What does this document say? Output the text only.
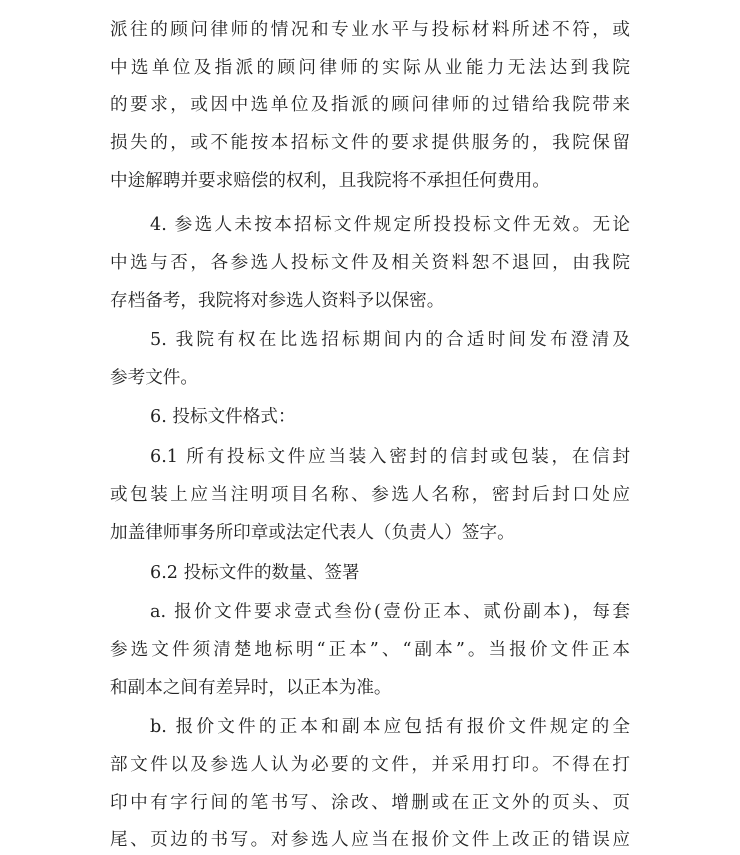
派往的顾问律师的情况和专业水平与投标材料所述不符，或
中选单位及指派的顾问律师的实际从业能力无法达到我院
的要求，或因中选单位及指派的顾问律师的过错给我院带来
损失的，或不能按本招标文件的要求提供服务的，我院保留
中途解聘并要求赔偿的权利，且我院将不承担任何费用。
4. 参选人未按本招标文件规定所投投标文件无效。无论
中选与否，各参选人投标文件及相关资料恕不退回，由我院
存档备考，我院将对参选人资料予以保密。
5. 我院有权在比选招标期间内的合适时间发布澄清及
参考文件。
6. 投标文件格式：
6.1 所有投标文件应当装入密封的信封或包装，在信封
或包装上应当注明项目名称、参选人名称，密封后封口处应
加盖律师事务所印章或法定代表人（负责人）签字。
6.2 投标文件的数量、签署
a. 报价文件要求壹式叁份(壹份正本、贰份副本)，每套
参选文件须清楚地标明“正本”、“副本”。当报价文件正本
和副本之间有差异时，以正本为准。
b. 报价文件的正本和副本应包括有报价文件规定的全
部文件以及参选人认为必要的文件，并采用打印。不得在打
印中有字行间的笔书写、涂改、增删或在正文外的页头、页
尾、页边的书写。对参选人应当在报价文件上改正的错误应
